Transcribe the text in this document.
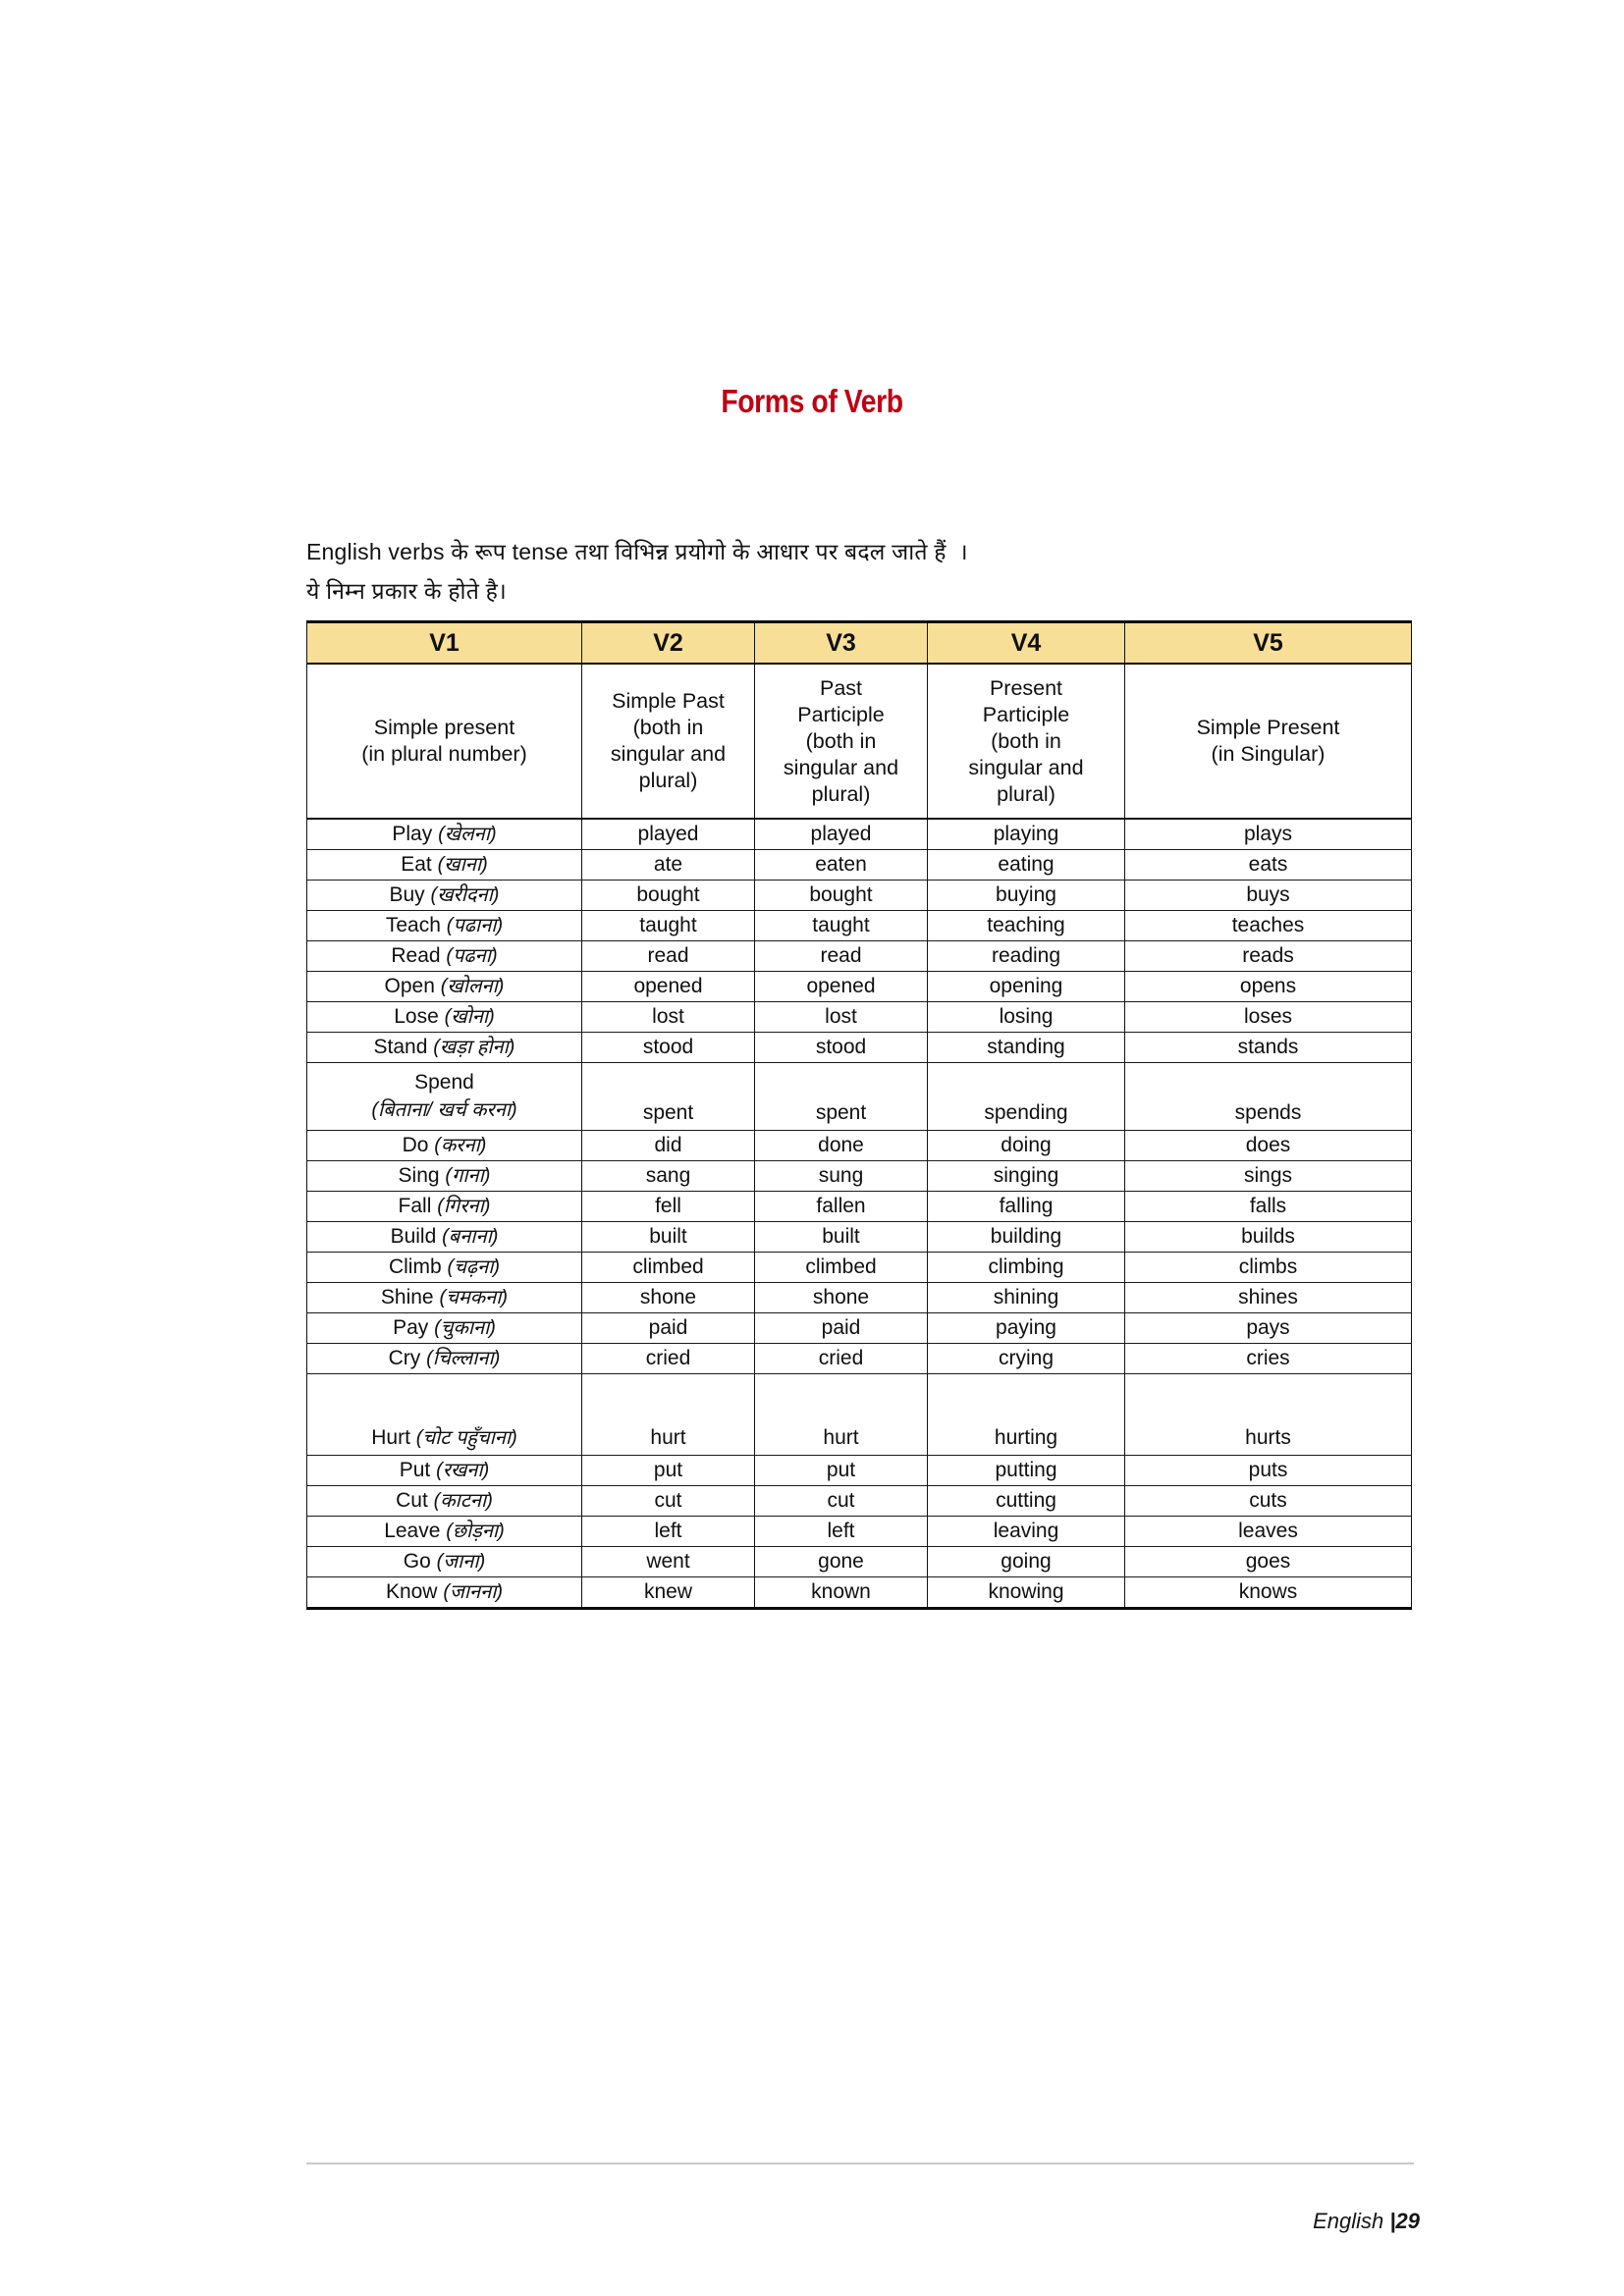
Forms of Verb
English verbs के रूप tense तथा विभिन्न प्रयोगो के आधार पर बदल जाते हैं  ।
ये निम्न प्रकार के होते है।
V1	V2	V3	V4	V5
Simple present
(in plural number)	Simple Past
(both in
singular and
plural)	Past
Participle
(both in
singular and
plural)	Present
Participle
(both in
singular and
plural)	Simple Present
(in Singular)
Play (खेलना)	played	played	playing	plays
Eat (खाना)	ate	eaten	eating	eats
Buy (खरीदना)	bought	bought	buying	buys
Teach (पढाना)	taught	taught	teaching	teaches
Read (पढना)	read	read	reading	reads
Open (खोलना)	opened	opened	opening	opens
Lose (खोना)	lost	lost	losing	loses
Stand (खड़ा होना)	stood	stood	standing	stands

Spend
(बिताना/ खर्च करना)	spent	spent	spending	spends
Do (करना)	did	done	doing	does
Sing (गाना)	sang	sung	singing	sings
Fall (गिरना)	fell	fallen	falling	falls
Build (बनाना)	built	built	building	builds
Climb (चढ़ना)	climbed	climbed	climbing	climbs
Shine (चमकना)	shone	shone	shining	shines
Pay (चुकाना)	paid	paid	paying	pays
Cry (चिल्लाना)	cried	cried	crying	cries
Hurt (चोट पहुँचाना)	hurt	hurt	hurting	hurts
Put (रखना)	put	put	putting	puts
Cut (काटना)	cut	cut	cutting	cuts
Leave (छोड़ना)	left	left	leaving	leaves
Go (जाना)	went	gone	going	goes
Know (जानना)	knew	known	knowing	knows

English |29
